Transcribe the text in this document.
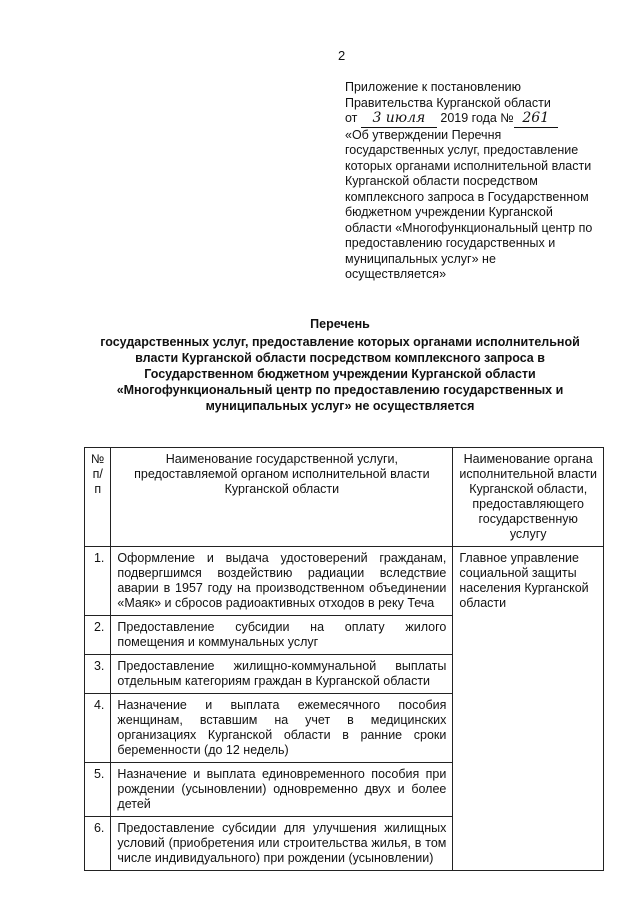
2
Приложение к постановлению
Правительства Курганской области
от 3 июля 2019 года № 261
«Об утверждении Перечня
государственных услуг, предоставление
которых органами исполнительной власти
Курганской области посредством
комплексного запроса в Государственном
бюджетном учреждении Курганской
области «Многофункциональный центр по
предоставлению государственных и
муниципальных услуг» не
осуществляется»
Перечень
государственных услуг, предоставление которых органами исполнительной
власти Курганской области посредством комплексного запроса в
Государственном бюджетном учреждении Курганской области
«Многофункциональный центр по предоставлению государственных и
муниципальных услуг» не осуществляется
№ п/п	Наименование государственной услуги, предоставляемой органом исполнительной власти Курганской области	Наименование органа исполнительной власти Курганской области, предоставляющего государственную услугу
1.	Оформление и выдача удостоверений гражданам, подвергшимся воздействию радиации вследствие аварии в 1957 году на производственном объединении «Маяк» и сбросов радиоактивных отходов в реку Теча	Главное управление социальной защиты населения Курганской области
2.	Предоставление субсидии на оплату жилого помещения и коммунальных услуг	
3.	Предоставление жилищно-коммунальной выплаты отдельным категориям граждан в Курганской области	
4.	Назначение и выплата ежемесячного пособия женщинам, вставшим на учет в медицинских организациях Курганской области в ранние сроки беременности (до 12 недель)	
5.	Назначение и выплата единовременного пособия при рождении (усыновлении) одновременно двух и более детей	
6.	Предоставление субсидии для улучшения жилищных условий (приобретения или строительства жилья, в том числе индивидуального) при рождении (усыновлении)	
